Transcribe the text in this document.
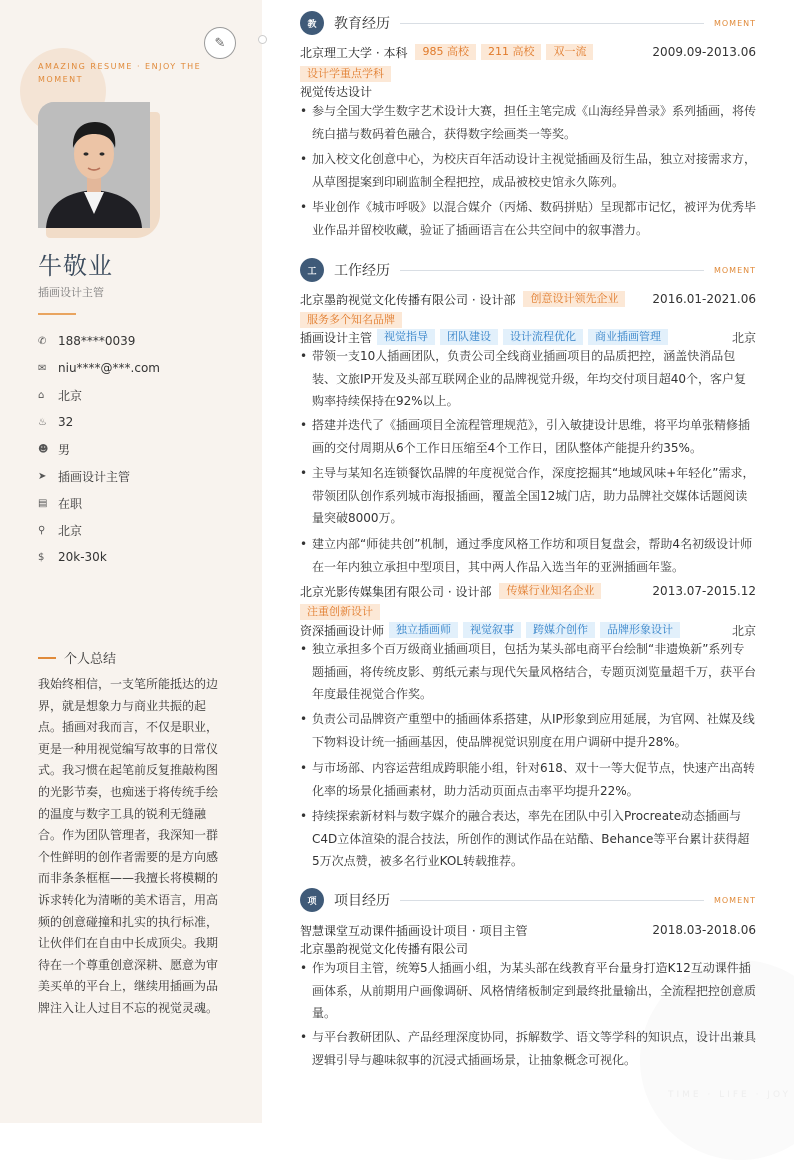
AMAZING RESUME · ENJOY THE MOMENT
牛敬业
插画设计主管
✆ 188****0039
✉ niu****@***.com
⌂	北京
♨ 32
☻ 男
➤ 插画设计主管
▤ 在职
⚲	北京
$	20k-30k
个人总结
我始终相信，一支笔所能抵达的边界，就是想象力与商业共振的起点。插画对我而言，不仅是职业，更是一种用视觉编写故事的日常仪式。我习惯在起笔前反复推敲构图的光影节奏，也痴迷于将传统手绘的温度与数字工具的锐利无缝融合。作为团队管理者，我深知一群个性鲜明的创作者需要的是方向感而非条条框框——我擅长将模糊的诉求转化为清晰的美术语言，用高频的创意碰撞和扎实的执行标准，让伙伴们在自由中长成顶尖。我期待在一个尊重创意深耕、愿意为审美买单的平台上，继续用插画为品牌注入让人过目不忘的视觉灵魂。
✎
教	教育经历	MOMENT
北京理工大学 · 本科	985 高校	211 高校	双一流	2009.09-2013.06
设计学重点学科
视觉传达设计
• 参与全国大学生数字艺术设计大赛，担任主笔完成《山海经异兽录》系列插画，将传统白描与数码着色融合，获得数字绘画类一等奖。
• 加入校文化创意中心，为校庆百年活动设计主视觉插画及衍生品，独立对接需求方，从草图提案到印刷监制全程把控，成品被校史馆永久陈列。
• 毕业创作《城市呼吸》以混合媒介（丙烯、数码拼贴）呈现都市记忆，被评为优秀毕业作品并留校收藏，验证了插画语言在公共空间中的叙事潜力。
工	工作经历	MOMENT
北京墨韵视觉文化传播有限公司 · 设计部	创意设计领先企业	2016.01-2021.06
服务多个知名品牌
插画设计主管	视觉指导	团队建设	设计流程优化	商业插画管理	北京
• 带领一支10人插画团队，负责公司全线商业插画项目的品质把控，涵盖快消品包装、文旅IP开发及头部互联网企业的品牌视觉升级，年均交付项目超40个，客户复购率持续保持在92%以上。
• 搭建并迭代了《插画项目全流程管理规范》，引入敏捷设计思维，将平均单张精修插画的交付周期从6个工作日压缩至4个工作日，团队整体产能提升约35%。
• 主导与某知名连锁餐饮品牌的年度视觉合作，深度挖掘其“地域风味+年轻化”需求，带领团队创作系列城市海报插画，覆盖全国12城门店，助力品牌社交媒体话题阅读量突破8000万。
• 建立内部“师徒共创”机制，通过季度风格工作坊和项目复盘会，帮助4名初级设计师在一年内独立承担中型项目，其中两人作品入选当年的亚洲插画年鉴。
北京光影传媒集团有限公司 · 设计部	传媒行业知名企业	2013.07-2015.12
注重创新设计
资深插画设计师	独立插画师	视觉叙事	跨媒介创作	品牌形象设计	北京
• 独立承担多个百万级商业插画项目，包括为某头部电商平台绘制“非遗焕新”系列专题插画，将传统皮影、剪纸元素与现代矢量风格结合，专题页浏览量超千万，获平台年度最佳视觉合作奖。
• 负责公司品牌资产重塑中的插画体系搭建，从IP形象到应用延展，为官网、社媒及线下物料设计统一插画基因，使品牌视觉识别度在用户调研中提升28%。
• 与市场部、内容运营组成跨职能小组，针对618、双十一等大促节点，快速产出高转化率的场景化插画素材，助力活动页面点击率平均提升22%。
• 持续探索新材料与数字媒介的融合表达，率先在团队中引入Procreate动态插画与C4D立体渲染的混合技法，所创作的测试作品在站酷、Behance等平台累计获得超5万次点赞，被多名行业KOL转载推荐。
项	项目经历	MOMENT
智慧课堂互动课件插画设计项目 · 项目主管	2018.03-2018.06
北京墨韵视觉文化传播有限公司
• 作为项目主管，统筹5人插画小组，为某头部在线教育平台量身打造K12互动课件插画体系，从前期用户画像调研、风格情绪板制定到最终批量输出，全流程把控创意质量。
• 与平台教研团队、产品经理深度协同，拆解数学、语文等学科的知识点，设计出兼具逻辑引导与趣味叙事的沉浸式插画场景，让抽象概念可视化。
TIME · LIFE · JOY
